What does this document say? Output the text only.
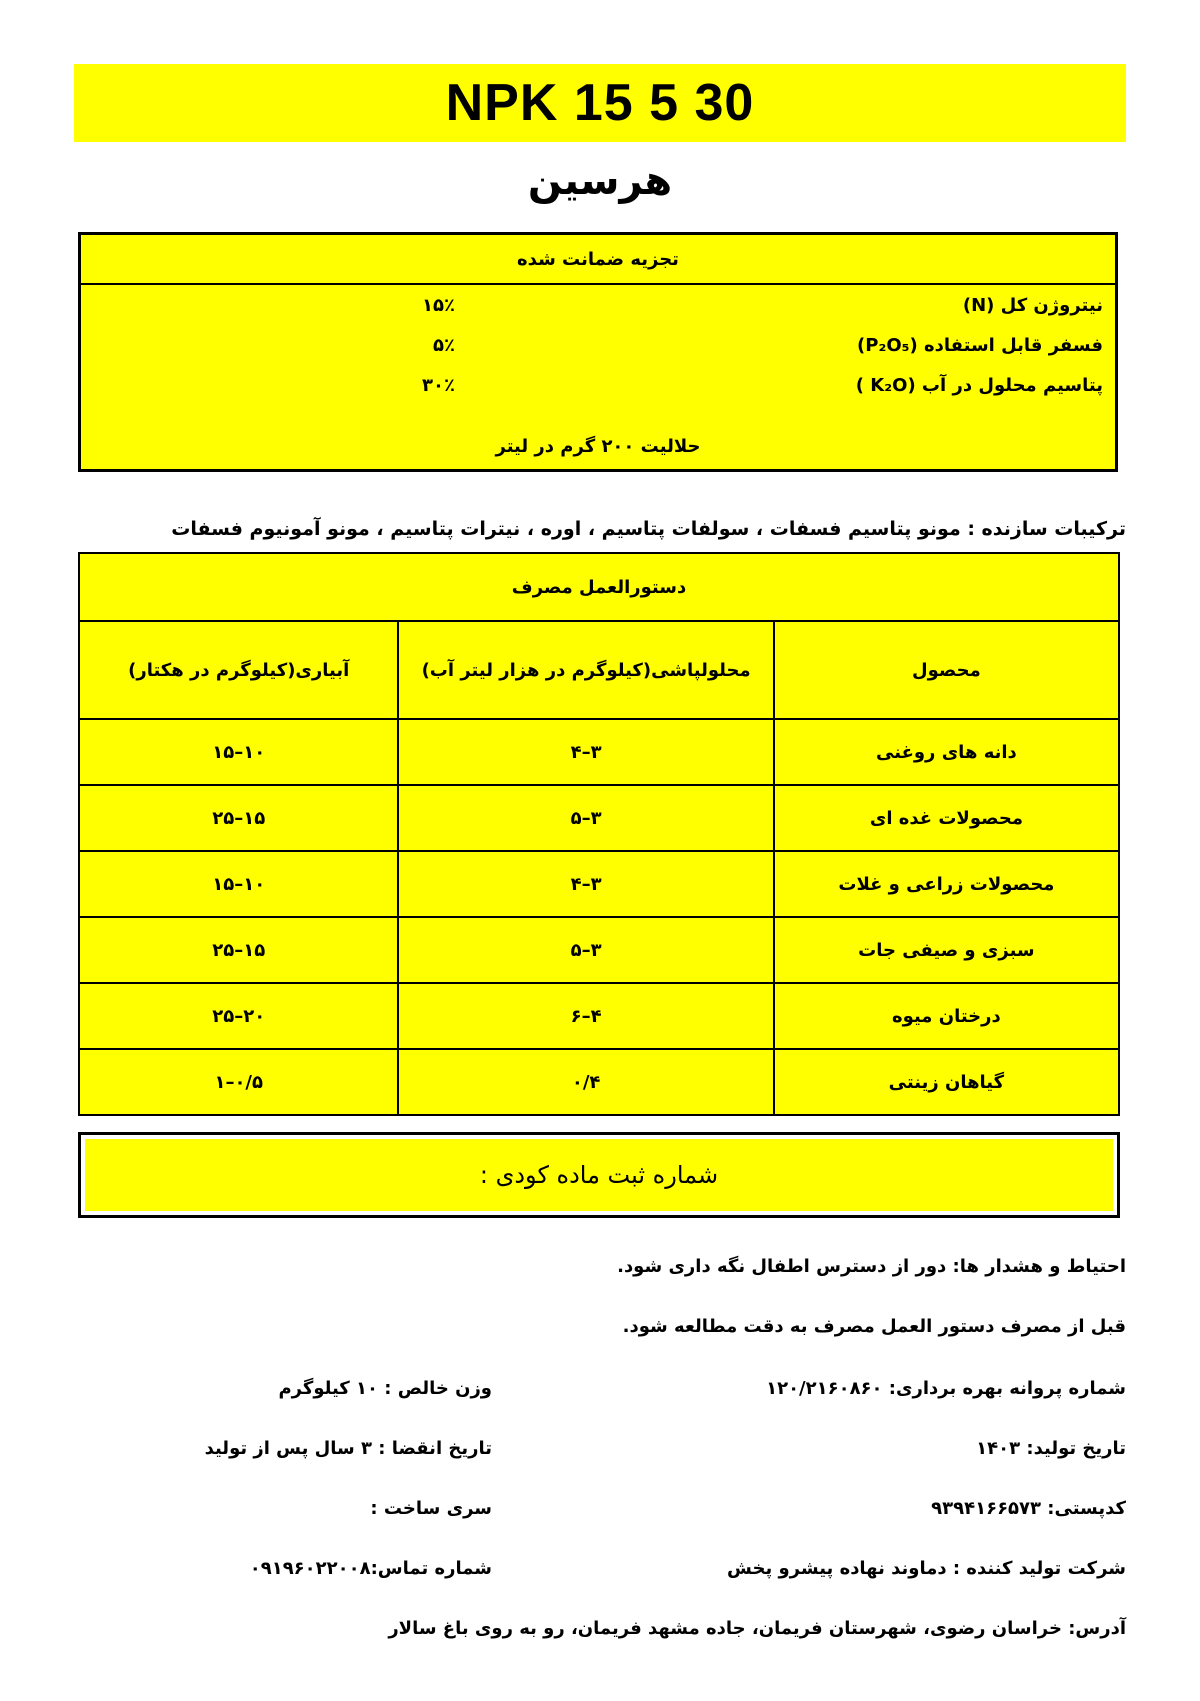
NPK 15 5 30
هرسین
تجزیه ضمانت شده
نیتروژن کل (N)
۱۵٪
فسفر قابل استفاده (P₂O₅)
۵٪
پتاسیم محلول در آب (K₂O )
۳۰٪
حلالیت ۲۰۰ گرم در لیتر
ترکیبات سازنده : مونو پتاسیم فسفات ، سولفات پتاسیم ، اوره ، نیترات پتاسیم ، مونو آمونیوم فسفات
دستورالعمل مصرف		
محصول	محلولپاشی(کیلوگرم در هزار لیتر آب)	آبیاری(کیلوگرم در هکتار)
دانه های روغنی	۳–۴	۱۰–۱۵
محصولات غده ای	۳–۵	۱۵–۲۵
محصولات زراعی و غلات	۳–۴	۱۰–۱۵
سبزی و صیفی جات	۳–۵	۱۵–۲۵
درختان میوه	۴–۶	۲۰–۲۵
گیاهان زینتی	۰/۴	۰/۵–۱
شماره ثبت ماده کودی :
احتیاط و هشدار ها: دور از دسترس اطفال نگه داری شود.
قبل از مصرف دستور العمل مصرف به دقت مطالعه شود.
شماره پروانه بهره برداری: ۱۲۰/۲۱۶۰۸۶۰
وزن خالص : ۱۰ کیلوگرم
تاریخ تولید: ۱۴۰۳
تاریخ انقضا : ۳ سال پس از تولید
کدپستی: ۹۳۹۴۱۶۶۵۷۳
سری ساخت :
شرکت تولید کننده : دماوند نهاده پیشرو پخش
شماره تماس:۰۹۱۹۶۰۲۲۰۰۸
آدرس: خراسان رضوی، شهرستان فریمان، جاده مشهد فریمان، رو به روی باغ سالار
